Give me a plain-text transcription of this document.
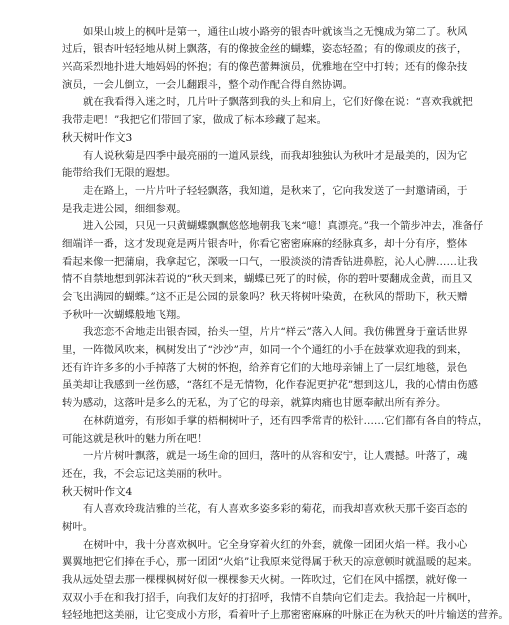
如果山坡上的枫叶是第一，通往山坡小路旁的银杏叶就该当之无愧成为第二了。秋风
过后，银杏叶轻轻地从树上飘落，有的像披金丝的蝴蝶，姿态轻盈；有的像顽皮的孩子，
兴高采烈地扑进大地妈妈的怀抱；有的像芭蕾舞演员，优雅地在空中打转；还有的像杂技
演员，一会儿倒立，一会儿翻跟斗，整个动作配合得自然协调。
就在我看得入迷之时，几片叶子飘落到我的头上和肩上，它们好像在说：“喜欢我就把
我带走吧！”我把它们带回了家，做成了标本珍藏了起来。
秋天树叶作文3
有人说秋菊是四季中最亮丽的一道风景线，而我却独独认为秋叶才是最美的，因为它
能带给我们无限的遐想。
走在路上，一片片叶子轻轻飘落，我知道，是秋来了，它向我发送了一封邀请函，于
是我走进公园，细细参观。
进入公园，只见一只黄蝴蝶飘飘悠悠地朝我飞来“噫！真漂亮。”我一个箭步冲去，准备仔
细端详一番，这才发现竟是两片银杏叶，你看它密密麻麻的经脉真多，却十分有序，整体
看起来像一把蒲扇，我拿起它，深吸一口气，一股淡淡的清香钻进鼻腔，沁人心脾……让我
情不自禁地想到郭沫若说的“秋天到来，蝴蝶已死了的时候，你的碧叶要翻成金黄，而且又
会飞出满园的蝴蝶。”这不正是公园的景象吗？秋天将树叶染黄，在秋风的帮助下，秋天赠
予秋叶一次蝴蝶般地飞翔。
我恋恋不舍地走出银杏园，抬头一望，片片“样云”落入人间。我仿佛置身于童话世界
里，一阵微风吹来，枫树发出了“沙沙”声，如同一个个通红的小手在鼓掌欢迎我的到来，
还有许许多多的小手掉落了大树的怀抱，给养育它们的大地母亲铺上了一层红地毯，景色
虽美却让我感到一丝伤感，“落红不是无情物，化作春泥更护花”想到这儿，我的心情由伤感
转为感动，这落叶是多么的无私，为了它的母亲，就算肉痛也甘愿奉献出所有养分。
在林荫道旁，有形如手掌的梧桐树叶子，还有四季常青的松针……它们都有各自的特点，
可能这就是秋叶的魅力所在吧！
一片片树叶飘落，就是一场生命的回归，落叶的从容和安宁，让人震撼。叶落了，魂
还在，我，不会忘记这美丽的秋叶。
秋天树叶作文4
有人喜欢玲珑洁雅的兰花，有人喜欢多姿多彩的菊花，而我却喜欢秋天那千姿百态的
树叶。
在树叶中，我十分喜欢枫叶。它全身穿着火红的外套，就像一团团火焰一样。我小心
翼翼地把它们捧在手心，那一团团“火焰”让我原来觉得属于秋天的凉意顿时就温暖的起来。
我从远处望去那一棵棵枫树好似一棵棵参天火树。一阵吹过，它们在风中摇摆，就好像一
双双小手在和我打招手，向我们友好的打招呼，我情不自禁向它们走去。我拾起一片枫叶，
轻轻地把这美丽，让它变成小方形，看着叶子上那密密麻麻的叶脉正在为秋天的叶片输送的营养。
